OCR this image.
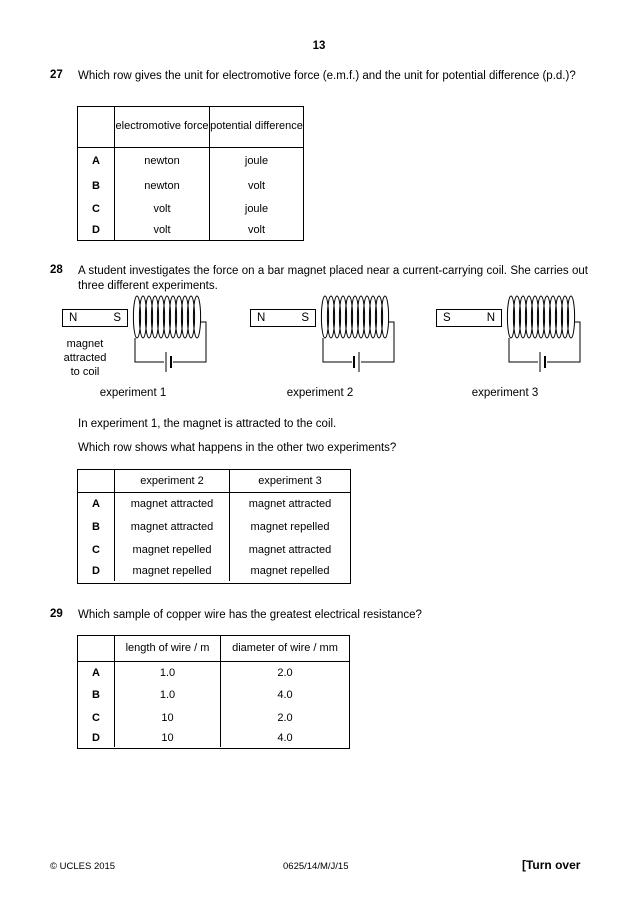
13
27 Which row gives the unit for electromotive force (e.m.f.) and the unit for potential difference (p.d.)?
	electromotive force	potential difference
A	newton	joule
B	newton	volt
C	volt	joule
D	volt	volt
28 A student investigates the force on a bar magnet placed near a current-carrying coil. She carries out three different experiments.
N	S
magnet
attracted
to coil
experiment 1
N	S
experiment 2
S	N
experiment 3
In experiment 1, the magnet is attracted to the coil.
Which row shows what happens in the other two experiments?
	experiment 2	experiment 3
A	magnet attracted	magnet attracted
B	magnet attracted	magnet repelled
C	magnet repelled	magnet attracted
D	magnet repelled	magnet repelled
29 Which sample of copper wire has the greatest electrical resistance?
	length of wire / m	diameter of wire / mm
A	1.0	2.0
B	1.0	4.0
C	10	2.0
D	10	4.0
© UCLES 2015	0625/14/M/J/15	[Turn over
